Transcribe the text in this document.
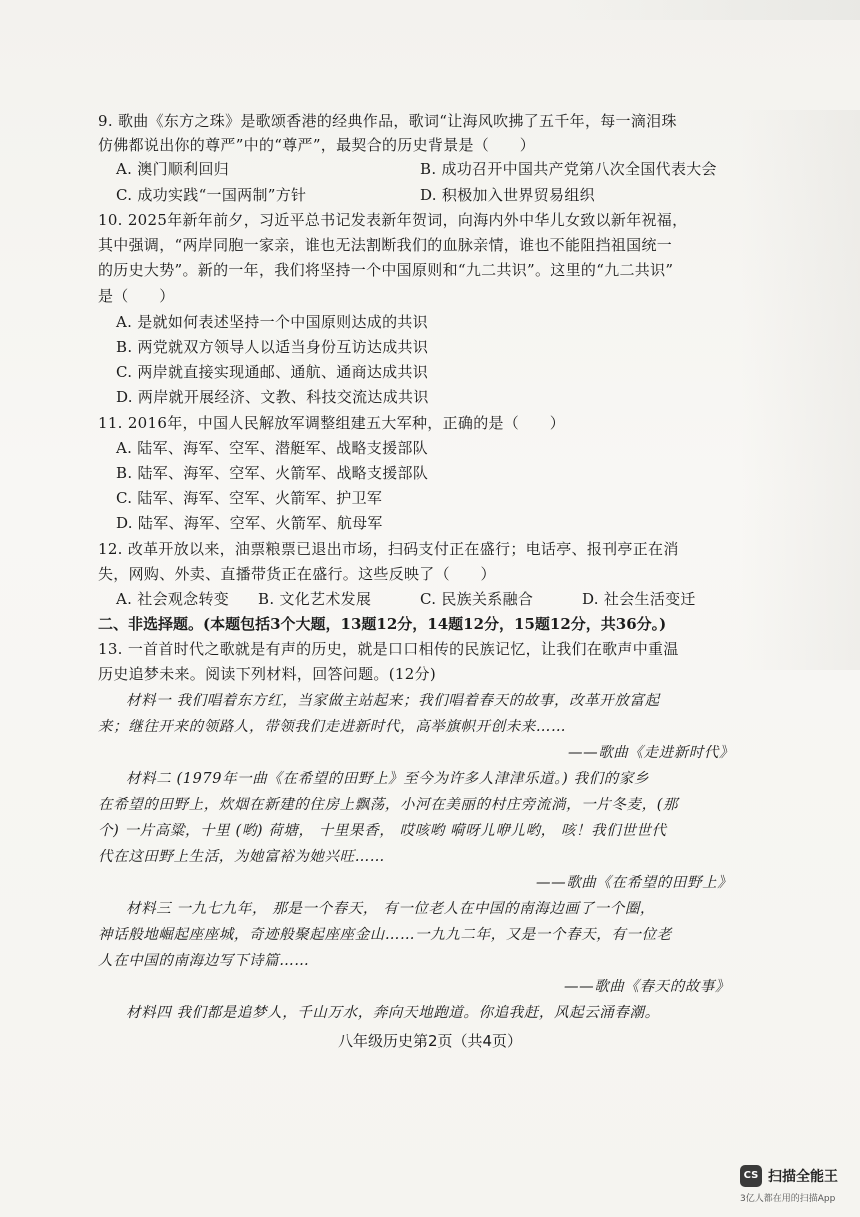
9. 歌曲《东方之珠》是歌颂香港的经典作品，歌词“让海风吹拂了五千年，每一滴泪珠
仿佛都说出你的尊严”中的“尊严”，最契合的历史背景是（　　）
A. 澳门顺利回归	B. 成功召开中国共产党第八次全国代表大会
C. 成功实践“一国两制”方针	D. 积极加入世界贸易组织
10. 2025年新年前夕，习近平总书记发表新年贺词，向海内外中华儿女致以新年祝福，
其中强调，“两岸同胞一家亲，谁也无法割断我们的血脉亲情，谁也不能阻挡祖国统一
的历史大势”。新的一年，我们将坚持一个中国原则和“九二共识”。这里的“九二共识”
是（　　）
A. 是就如何表述坚持一个中国原则达成的共识
B. 两党就双方领导人以适当身份互访达成共识
C. 两岸就直接实现通邮、通航、通商达成共识
D. 两岸就开展经济、文教、科技交流达成共识
11. 2016年，中国人民解放军调整组建五大军种，正确的是（　　）
A. 陆军、海军、空军、潜艇军、战略支援部队
B. 陆军、海军、空军、火箭军、战略支援部队
C. 陆军、海军、空军、火箭军、护卫军
D. 陆军、海军、空军、火箭军、航母军
12. 改革开放以来，油票粮票已退出市场，扫码支付正在盛行；电话亭、报刊亭正在消
失，网购、外卖、直播带货正在盛行。这些反映了（　　）
A. 社会观念转变	B. 文化艺术发展	C. 民族关系融合	D. 社会生活变迁
二、非选择题。(本题包括3个大题，13题12分，14题12分，15题12分，共36分。)
13. 一首首时代之歌就是有声的历史，就是口口相传的民族记忆，让我们在歌声中重温
历史追梦未来。阅读下列材料，回答问题。(12分)
材料一 我们唱着东方红，当家做主站起来；我们唱着春天的故事，改革开放富起
来；继往开来的领路人，带领我们走进新时代，高举旗帜开创未来……
——歌曲《走进新时代》
材料二 (1979年一曲《在希望的田野上》至今为许多人津津乐道。) 我们的家乡
在希望的田野上，炊烟在新建的住房上飘荡，小河在美丽的村庄旁流淌，一片冬麦，(那
个) 一片高粱，十里 (哟) 荷塘， 十里果香， 哎咳哟 嗬呀儿咿儿哟， 咳！我们世世代
代在这田野上生活，为她富裕为她兴旺……
——歌曲《在希望的田野上》
材料三 一九七九年， 那是一个春天， 有一位老人在中国的南海边画了一个圈，
神话般地崛起座座城，奇迹般聚起座座金山……一九九二年，又是一个春天，有一位老
人在中国的南海边写下诗篇……
——歌曲《春天的故事》
材料四 我们都是追梦人，千山万水，奔向天地跑道。你追我赶，风起云涌春潮。
八年级历史第2页（共4页）
CS 扫描全能王
3亿人都在用的扫描App
